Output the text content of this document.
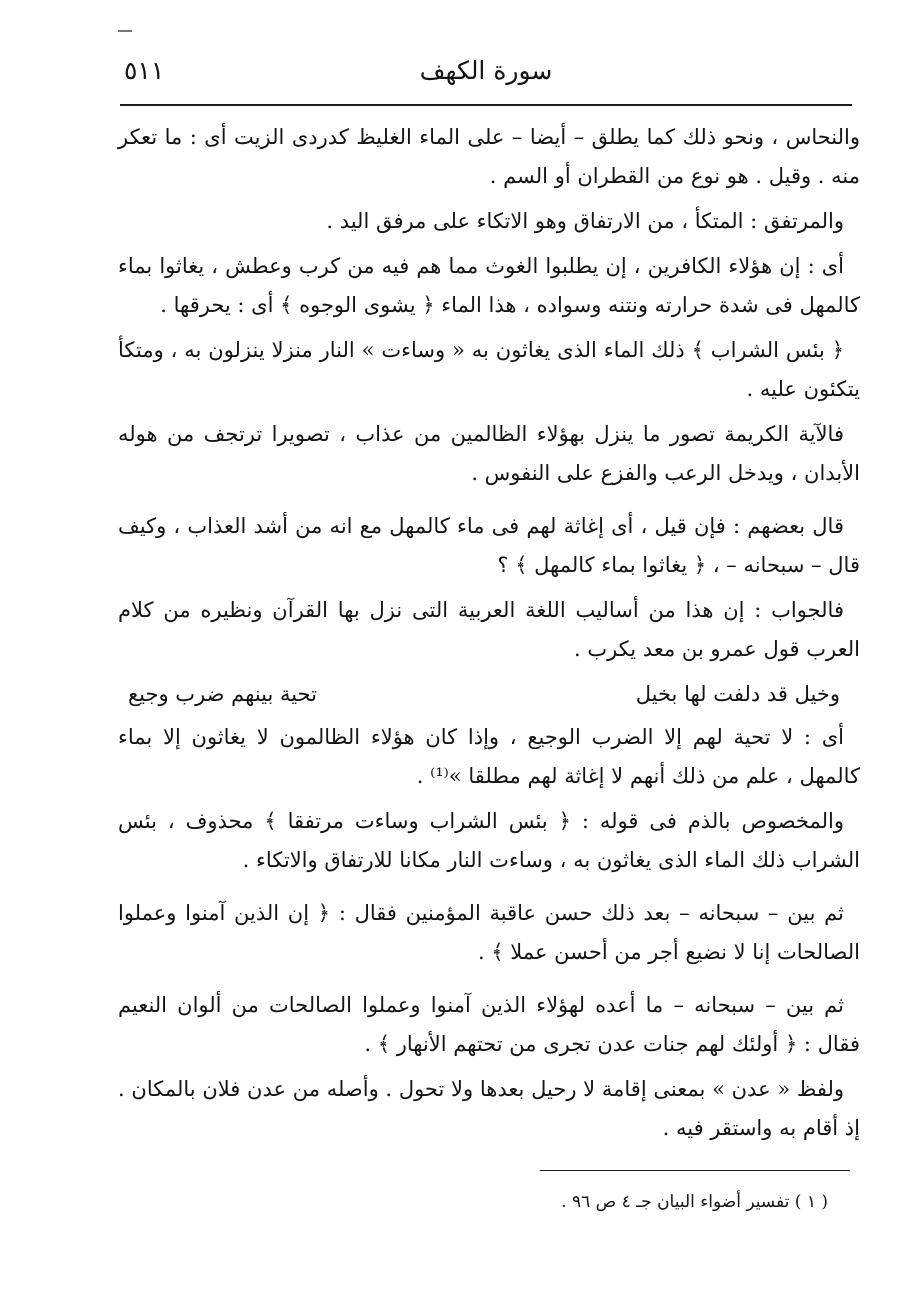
سورة الكهف
٥١١

والنحاس ، ونحو ذلك كما يطلق – أيضا – على الماء الغليظ كدردى الزيت أى : ما تعكر منه . وقيل . هو نوع من القطران أو السم .

والمرتفق : المتكأ ، من الارتفاق وهو الاتكاء على مرفق اليد .

أى : إن هؤلاء الكافرين ، إن يطلبوا الغوث مما هم فيه من كرب وعطش ، يغاثوا بماء كالمهل فى شدة حرارته ونتنه وسواده ، هذا الماء ﴿ يشوى الوجوه ﴾ أى : يحرقها .

﴿ بئس الشراب ﴾ ذلك الماء الذى يغاثون به « وساءت » النار منزلا ينزلون به ، ومتكأ يتكئون عليه .

فالآية الكريمة تصور ما ينزل بهؤلاء الظالمين من عذاب ، تصويرا ترتجف من هوله الأبدان ، ويدخل الرعب والفزع على النفوس .

قال بعضهم : فإن قيل ، أى إغاثة لهم فى ماء كالمهل مع انه من أشد العذاب ، وكيف قال – سبحانه – ، ﴿ يغاثوا بماء كالمهل ﴾ ؟

فالجواب : إن هذا من أساليب اللغة العربية التى نزل بها القرآن ونظيره من كلام العرب قول عمرو بن معد يكرب .

وخيل قد دلفت لها بخيل
تحية بينهم ضرب وجيع

أى : لا تحية لهم إلا الضرب الوجيع ، وإذا كان هؤلاء الظالمون لا يغاثون إلا بماء كالمهل ، علم من ذلك أنهم لا إغاثة لهم مطلقا »⁽¹⁾ .

والمخصوص بالذم فى قوله : ﴿ بئس الشراب وساءت مرتفقا ﴾ محذوف ، بئس الشراب ذلك الماء الذى يغاثون به ، وساءت النار مكانا للارتفاق والاتكاء .

ثم بين – سبحانه – بعد ذلك حسن عاقبة المؤمنين فقال : ﴿ إن الذين آمنوا وعملوا الصالحات إنا لا نضيع أجر من أحسن عملا ﴾ .

ثم بين – سبحانه – ما أعده لهؤلاء الذين آمنوا وعملوا الصالحات من ألوان النعيم فقال : ﴿ أولئك لهم جنات عدن تجرى من تحتهم الأنهار ﴾ .

ولفظ « عدن » بمعنى إقامة لا رحيل بعدها ولا تحول . وأصله من عدن فلان بالمكان . إذ أقام به واستقر فيه .

( ١ ) تفسير أضواء البيان جـ ٤ ص ٩٦ .
